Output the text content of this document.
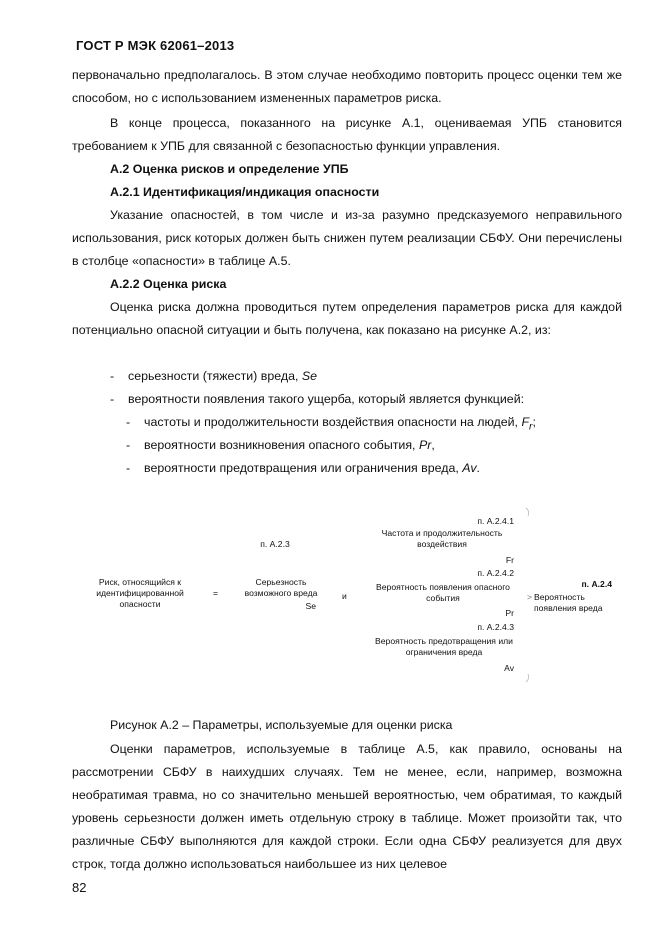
ГОСТ Р МЭК 62061–2013
первоначально предполагалось. В этом случае необходимо повторить процесс оценки тем же способом, но с использованием измененных параметров риска.
В конце процесса, показанного на рисунке А.1, оцениваемая УПБ становится требованием к УПБ для связанной с безопасностью функции управления.
А.2 Оценка рисков и определение УПБ
А.2.1 Идентификация/индикация опасности
Указание опасностей, в том числе и из-за разумно предсказуемого неправильного использования, риск которых должен быть снижен путем реализации СБФУ. Они перечислены в столбце «опасности» в таблице А.5.
А.2.2 Оценка риска
Оценка риска должна проводиться путем определения параметров риска для каждой потенциально опасной ситуации и быть получена, как показано на рисунке А.2, из:
- серьезности (тяжести) вреда, Se
- вероятности появления такого ущерба, который является функцией:
- частоты и продолжительности воздействия опасности на людей, $F_r$;
- вероятности возникновения опасного события, Pr,
- вероятности предотвращения или ограничения вреда, Av.
Риск, относящийся к идентифицированной опасности
=
п. А.2.3
Серьезность возможного вреда
Se
и
п. А.2.4.1
Частота и продолжительность воздействия
Fr
п. А.2.4.2
Вероятность появления опасного события
Pr
п. А.2.4.3
Вероятность предотвращения или ограничения вреда
Av
п. А.2.4
> Вероятность появления вреда
Рисунок А.2 – Параметры, используемые для оценки риска
Оценки параметров, используемые в таблице А.5, как правило, основаны на рассмотрении СБФУ в наихудших случаях. Тем не менее, если, например, возможна необратимая травма, но со значительно меньшей вероятностью, чем обратимая, то каждый уровень серьезности должен иметь отдельную строку в таблице. Может произойти так, что различные СБФУ выполняются для каждой строки. Если одна СБФУ реализуется для двух строк, тогда должно использоваться наибольшее из них целевое
82
